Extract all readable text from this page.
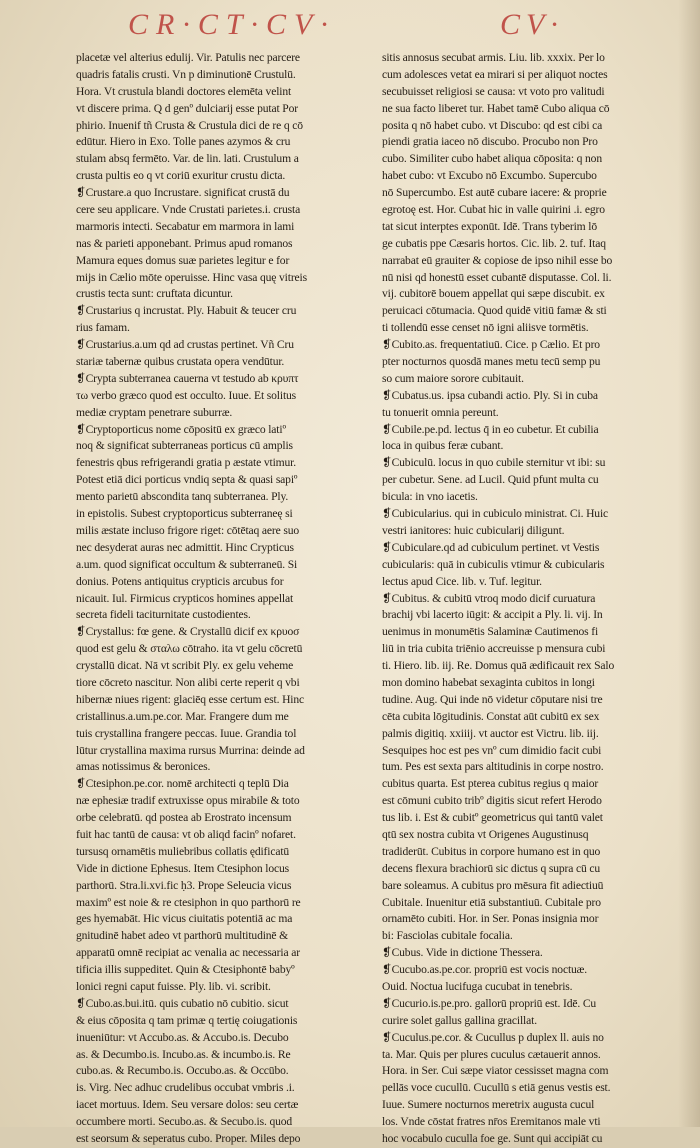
CR·CT·CV·	CV·
placetæ vel alterius edulij. Vir. Patulis nec parcere
quadris fatalis crusti. Vn p diminutionē Crustulū.
Hora. Vt crustula blandi doctores elemēta velint
vt discere prima. Q d genº dulciarij esse putat Por
phirio. Inuenif tñ Crusta & Crustula dici de re q cō
edūtur. Hiero in Exo. Tolle panes azymos & cru
stulam absq fermēto. Var. de lin. lati. Crustulum a
crusta pultis eo q vt coriū exuritur crustu dicta.
❡Crustare.a quo Incrustare. significat crustā du
cere seu applicare. Vnde Crustati parietes.i. crusta
marmoris intecti. Secabatur em marmora in lami
nas & parieti apponebant. Primus apud romanos
Mamura eques domus suæ parietes legitur e for
mijs in Cælio mōte operuisse. Hinc vasa quę vitreis
crustis tecta sunt: cruftata dicuntur.
❡Crustarius q incrustat. Ply. Habuit & teucer cru
rius famam.
❡Crustarius.a.um qd ad crustas pertinet. Vñ Cru
stariæ tabernæ quibus crustata opera vendūtur.
❡Crypta subterranea cauerna vt testudo ab κρυπτ
τω verbo græco quod est occulto. Iuue. Et solitus
mediæ cryptam penetrare suburræ.
❡Cryptoporticus nome cōpositū ex græco latiº
noq & significat subterraneas porticus cū amplis
fenestris qbus refrigerandi gratia p æstate vtimur.
Potest etiā dici porticus vndiq septa & quasi sapiº
mento parietū abscondita tanq subterranea. Ply.
in epistolis. Subest cryptoporticus subterraneę si
milis æstate incluso frigore riget: cōtētaq aere suo
nec desyderat auras nec admittit. Hinc Crypticus
a.um. quod significat occultum & subterraneū. Si
donius. Potens antiquitus crypticis arcubus for
nicauit. Iul. Firmicus crypticos homines appellat
secreta fideli taciturnitate custodientes.
❡Crystallus: fœ gene. & Crystallū dicif ex κρυοσ
quod est gelu & σταλω cōtraho. ita vt gelu cōcretū
crystallū dicat. Nā vt scribit Ply. ex gelu veheme
tiore cōcreto nascitur. Non alibi certe reperit q vbi
hibernæ niues rigent: glaciēq esse certum est. Hinc
cristallinus.a.um.pe.cor. Mar. Frangere dum me
tuis crystallina frangere peccas. Iuue. Grandia tol
lūtur crystallina maxima rursus Murrina: deinde ad
amas notissimus & beronices.
❡Ctesiphon.pe.cor. nomē architecti q teplū Dia
næ ephesiæ tradif extruxisse opus mirabile & toto
orbe celebratū. qd postea ab Erostrato incensum
fuit hac tantū de causa: vt ob aliqd facinº nofaret.
tursusq ornamētis muliebribus collatis ędificatū
Vide in dictione Ephesus. Item Ctesiphon locus
parthorū. Stra.li.xvi.fic ḥ3. Prope Seleucia vicus
maximº est noie & re ctesiphon in quo parthorū re
ges hyemabāt. Hic vicus ciuitatis potentiā ac ma
gnitudinē habet adeo vt parthorū multitudinē &
apparatū omnē recipiat ac venalia ac necessaria ar
tificia illis suppeditet. Quin & Ctesiphontē babyº
lonici regni caput fuisse. Ply. lib. vi. scribit.
❡Cubo.as.bui.itū. quis cubatio nō cubitio. sicut
& eius cōposita q tam primæ q tertię coiugationis
inueniūtur: vt Accubo.as. & Accubo.is. Decubo
as. & Decumbo.is. Incubo.as. & incumbo.is. Re
cubo.as. & Recumbo.is. Occubo.as. & Occūbo.
is. Virg. Nec adhuc crudelibus occubat vmbris .i.
iacet mortuus. Idem. Seu versare dolos: seu certæ
occumbere morti. Secubo.as. & Secubo.is. quod
est seorsum & seperatus cubo. Proper. Miles depo
sitis annosus secubat armis. Liu. lib. xxxix. Per lo
cum adolesces vetat ea mirari si per aliquot noctes
secubuisset religiosi se causa: vt voto pro valitudi
ne sua facto liberet tur. Habet tamē Cubo aliqua cō
posita q nō habet cubo. vt Discubo: qd est cibi ca
piendi gratia iaceo nō discubo. Procubo non Pro
cubo. Similiter cubo habet aliqua cōposita: q non
habet cubo: vt Excubo nō Excumbo. Supercubo
nō Supercumbo. Est autē cubare iacere: & proprie
egrotoę est. Hor. Cubat hic in valle quirini .i. egro
tat sicut interptes exponūt. Idē. Trans tyberim lō
ge cubatis ppe Cæsaris hortos. Cic. lib. 2. tuf. Itaq
narrabat eū grauiter & copiose de ipso nihil esse bo
nū nisi qd honestū esset cubantē disputasse. Col. li.
vij. cubitorē bouem appellat qui sæpe discubit. ex
peruicaci cōtumacia. Quod quidē vitiū famæ & sti
ti tollendū esse censet nō igni aliisve tormētis.
❡Cubito.as. frequentatiuū. Cice. p Cælio. Et pro
pter nocturnos quosdā manes metu tecū semp pu
so cum maiore sorore cubitauit.
❡Cubatus.us. ipsa cubandi actio. Ply. Si in cuba
tu tonuerit omnia pereunt.
❡Cubile.pe.pd. lectus q̄ in eo cubetur. Et cubilia
loca in quibus feræ cubant.
❡Cubiculū. locus in quo cubile sternitur vt ibi: su
per cubetur. Sene. ad Lucil. Quid pfunt multa cu
bicula: in vno iacetis.
❡Cubicularius. qui in cubiculo ministrat. Ci. Huic
vestri ianitores: huic cubicularij diligunt.
❡Cubiculare.qd ad cubiculum pertinet. vt Vestis
cubicularis: quā in cubiculis vtimur & cubicularis
lectus apud Cice. lib. v. Tuf. legitur.
❡Cubitus. & cubitū vtroq modo dicif curuatura
brachij vbi lacerto iūgit: & accipit a Ply. li. vij. In
uenimus in monumētis Salaminæ Cautimenos fi
liū in tria cubita triēnio accreuisse p mensura cubi
ti. Hiero. lib. iij. Re. Domus quā ædificauit rex Salo
mon domino habebat sexaginta cubitos in longi
tudine. Aug. Qui inde nō videtur cōputare nisi tre
cēta cubita lōgitudinis. Constat aūt cubitū ex sex
palmis digitiq. xxiiij. vt auctor est Victru. lib. iij.
Sesquipes hoc est pes vnº cum dimidio facit cubi
tum. Pes est sexta pars altitudinis in corpe nostro.
cubitus quarta. Est ptereа cubitus regius q maior
est cōmuni cubito tribº digitis sicut refert Herodo
tus lib. i. Est & cubitº geometricus qui tantū valet
qtū sex nostra cubita vt Origenes Augustinusq
tradiderūt. Cubitus in corpore humano est in quo
decens flexura brachiorū sic dictus q supra cū cu
bare soleamus. A cubitus pro mēsura fit adiectiuū
Cubitale. Inuenitur etiā substantiuū. Cubitale pro
ornamēto cubiti. Hor. in Ser. Ponas insignia mor
bi: Fasciolas cubitale focalia.
❡Cubus. Vide in dictione Thessera.
❡Cucubo.as.pe.cor. propriū est vocis noctuæ.
Ouid. Noctua lucifuga cucubat in tenebris.
❡Cucurio.is.pe.pro. gallorū propriū est. Idē. Cu
curire solet gallus gallina gracillat.
❡Cuculus.pe.cor. & Cucullus p duplex ll. auis no
ta. Mar. Quis per plures cuculus cætauerit annos.
Hora. in Ser. Cui sæpe viator cessisset magna com
pellās voce cucullū. Cucullū s etiā genus vestis est.
Iuue. Sumere nocturnos meretrix augusta cucul
los. Vnde cōstat fratres nr̄os Eremitanos male vti
hoc vocabulo cuculla foe ge. Sunt qui accipiāt cu
